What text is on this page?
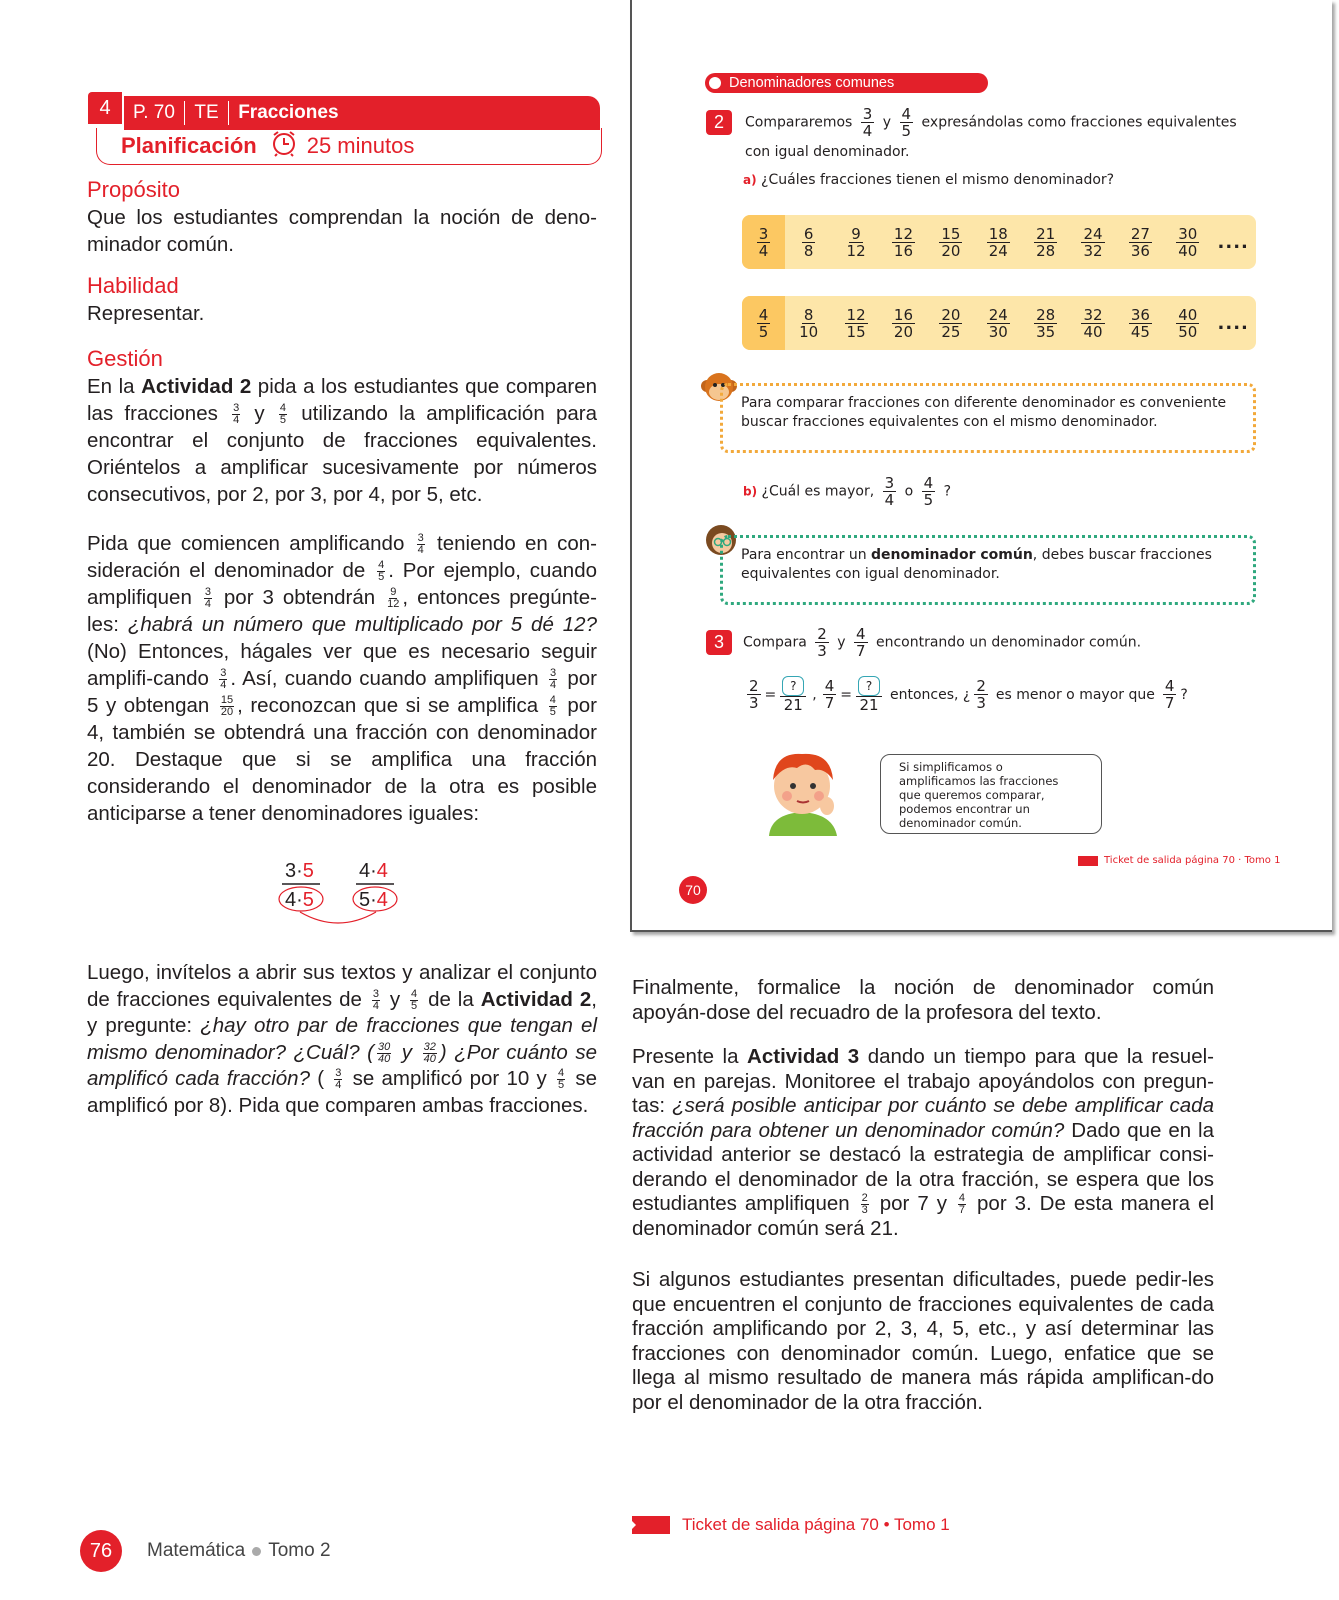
4	P. 70	TE	Fracciones
Planificación 25 minutos
Propósito
Que los estudiantes comprendan la noción de deno-minador común.
Habilidad
Representar.
Gestión
En la Actividad 2 pida a los estudiantes que comparen las fracciones $\frac{3}{4}$ y $\frac{4}{5}$ utilizando la amplificación para encontrar el conjunto de fracciones equivalentes. Oriéntelos a amplificar sucesivamente por números consecutivos, por 2, por 3, por 4, por 5, etc.
Pida que comiencen amplificando $\frac{3}{4}$ teniendo en con-sideración el denominador de $\frac{4}{5}$ . Por ejemplo, cuando amplifiquen $\frac{3}{4}$ por 3 obtendrán $\frac{9}{12}$ , entonces pregúnte-les: ¿habrá un número que multiplicado por 5 dé 12? (No) Entonces, hágales ver que es necesario seguir amplifi-cando $\frac{3}{4}$ . Así, cuando cuando amplifiquen $\frac{3}{4}$ por 5 y obtengan $\frac{15}{20}$ , reconozcan que si se amplifica $\frac{4}{5}$ por 4, también se obtendrá una fracción con denominador 20. Destaque que si se amplifica una fracción considerando el denominador de la otra es posible anticiparse a tener denominadores iguales:
3·5
4·5
4·4
5·4
Luego, invítelos a abrir sus textos y analizar el conjunto de fracciones equivalentes de $\frac{3}{4}$ y $\frac{4}{5}$ de la Actividad 2, y pregunte: ¿hay otro par de fracciones que tengan el mismo denominador? ¿Cuál? ( $\frac{30}{40}$ y $\frac{32}{40}$ ) ¿Por cuánto se amplificó cada fracción? ( $\frac{3}{4}$ se amplificó por 10 y $\frac{4}{5}$ se amplificó por 8). Pida que comparen ambas fracciones.
Denominadores comunes
2	Compararemos $\frac{3}{4}$ y $\frac{4}{5}$ expresándolas como fracciones equivalentes con igual denominador.
a) ¿Cuáles fracciones tienen el mismo denominador?
3
4
6
8
9
12
12
16
15
20
18
24
21
28
24
32
27
36
30
40 ....
4
5
8
10
12
15
16
20
20
25
24
30
28
35
32
40
36
45
40
50 ....
Para comparar fracciones con diferente denominador es conveniente buscar fracciones equivalentes con el mismo denominador.
b) ¿Cuál es mayor, $\frac{3}{4}$ o $\frac{4}{5}$ ?
Para encontrar un denominador común, debes buscar fracciones equivalentes con igual denominador.
3	Compara $\frac{2}{3}$ y $\frac{4}{7}$ encontrando un denominador común.
2
3 =
?
21
, 4
7 =
?
21
entonces, ¿ 2
3 es menor o mayor que 4
7 ?
Si simplificamos o amplificamos las fracciones que queremos comparar, podemos encontrar un denominador común.
Ticket de salida página 70 · Tomo 1
70
Finalmente, formalice la noción de denominador común apoyán-dose del recuadro de la profesora del texto.
Presente la Actividad 3 dando un tiempo para que la resuel-van en parejas. Monitoree el trabajo apoyándolos con pregun-tas: ¿será posible anticipar por cuánto se debe amplificar cada fracción para obtener un denominador común? Dado que en la actividad anterior se destacó la estrategia de amplificar consi-derando el denominador de la otra fracción, se espera que los estudiantes amplifiquen $\frac{2}{3}$ por 7 y $\frac{4}{7}$ por 3. De esta manera el denominador común será 21.
Si algunos estudiantes presentan dificultades, puede pedir-les que encuentren el conjunto de fracciones equivalentes de cada fracción amplificando por 2, 3, 4, 5, etc., y así determinar las fracciones con denominador común. Luego, enfatice que se llega al mismo resultado de manera más rápida amplifican-do por el denominador de la otra fracción.
Ticket de salida página 70 • Tomo 1
76	Matemática Tomo 2
